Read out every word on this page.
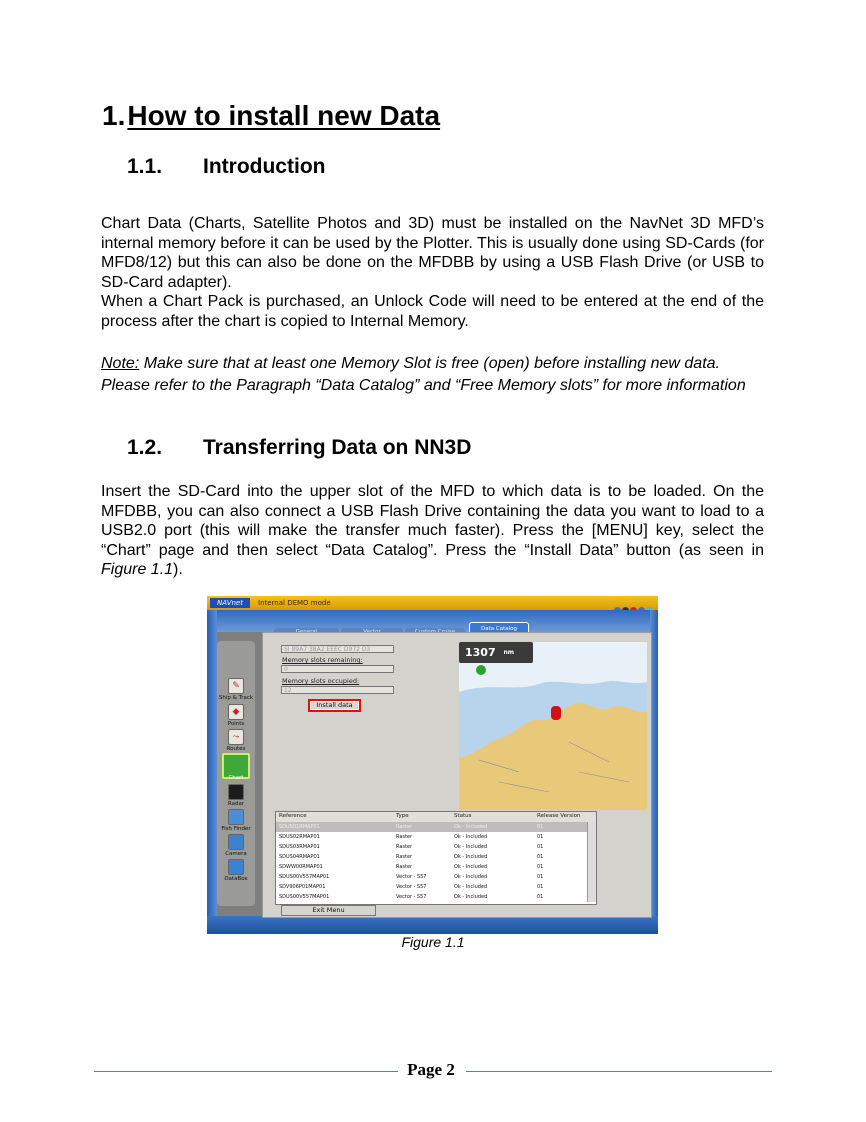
1.How to install new Data
1.1. Introduction

Chart Data (Charts, Satellite Photos and 3D) must be installed on the NavNet 3D MFD’s internal memory before it can be used by the Plotter. This is usually done using SD-Cards (for MFD8/12) but this can also be done on the MFDBB by using a USB Flash Drive (or USB to SD-Card adapter).

When a Chart Pack is purchased, an Unlock Code will need to be entered at the end of the process after the chart is copied to Internal Memory.

Note: Make sure that at least one Memory Slot is free (open) before installing new data. Please refer to the Paragraph “Data Catalog” and “Free Memory slots” for more information
1.2. Transferring Data on NN3D
Insert the SD-Card into the upper slot of the MFD to which data is to be loaded. On the MFDBB, you can also connect a USB Flash Drive containing the data you want to load to a USB2.0 port (this will make the transfer much faster). Press the [MENU] key, select the “Chart” page and then select “Data Catalog”. Press the “Install Data” button (as seen in Figure 1.1).
NAVnet	Internal DEMO mode
✎
Ship & Track
◆
Points
⤳
Routes
Chart
Radar
Fish Finder
Camera
DataBox
Data Catalog
SI 89A7 38A2 EEEC D972 D3
Memory slots remaining:
0
Memory slots occupied:
12
Install data
1307 $^{nm}$
Reference	Type	Status	Release Version
SDUS01RMAP01	Raster	Ok - Included	01
SDUS02RMAP01	Raster	Ok - Included	01
SDUS03RMAP01	Raster	Ok - Included	01
SDUS04RMAP01	Raster	Ok - Included	01
SDWW00RMAP01	Raster	Ok - Included	01
SDUS00V557MAP01	Vector - S57	Ok - Included	01
SDV906P01MAP01	Vector - S57	Ok - Included	01
SDUS00V557MAP01	Vector - S57	Ok - Included	01
Exit Menu
Figure 1.1
Page 2
